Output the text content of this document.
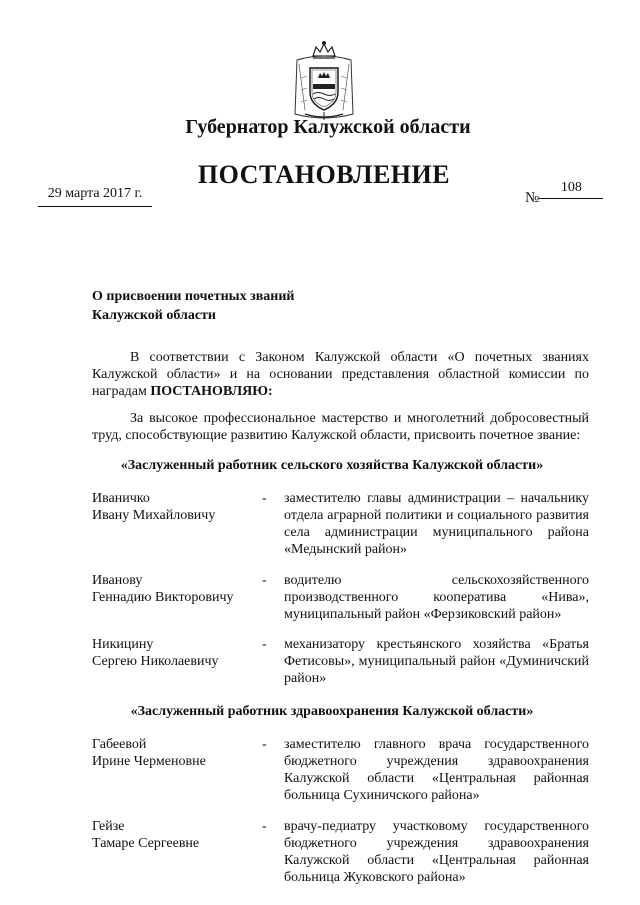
Губернатор Калужской области
ПОСТАНОВЛЕНИЕ
29 марта 2017 г.	№108
О присвоении почетных званий
Калужской области
В соответствии с Законом Калужской области «О почетных званиях Калужской области» и на основании представления областной комиссии по наградам ПОСТАНОВЛЯЮ:
За высокое профессиональное мастерство и многолетний добросовестный труд, способствующие развитию Калужской области, присвоить почетное звание:
«Заслуженный работник сельского хозяйства Калужской области»
Иваничко
Ивану Михайловичу
- заместителю главы администрации – начальнику отдела аграрной политики и социального развития села администрации муниципального района «Медынский район»
Иванову
Геннадию Викторовичу
- водителю сельскохозяйственного производственного кооператива «Нива», муниципальный район «Ферзиковский район»
Никицину
Сергею Николаевичу
- механизатору крестьянского хозяйства «Братья Фетисовы», муниципальный район «Думиничский район»
«Заслуженный работник здравоохранения Калужской области»
Габеевой
Ирине Черменовне
- заместителю главного врача государственного бюджетного учреждения здравоохранения Калужской области «Центральная районная больница Сухиничского района»
Гейзе
Тамаре Сергеевне
- врачу-педиатру участковому государственного бюджетного учреждения здравоохранения Калужской области «Центральная районная больница Жуковского района»
